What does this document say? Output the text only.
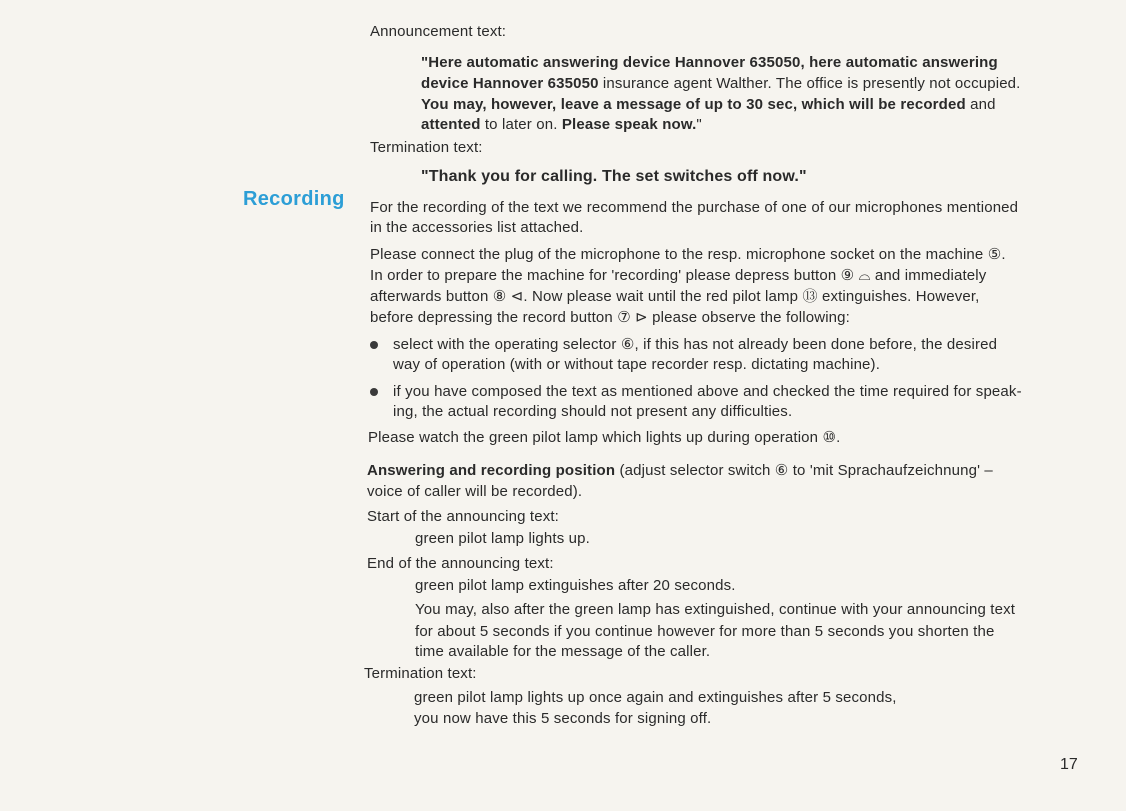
Announcement text:
"Here automatic answering device Hannover 635050, here automatic answering
device Hannover 635050 insurance agent Walther. The office is presently not occupied.
You may, however, leave a message of up to 30 sec, which will be recorded and
attented to later on. Please speak now."
Termination text:
"Thank you for calling. The set switches off now."
Recording For the recording of the text we recommend the purchase of one of our microphones mentioned
in the accessories list attached.
Please connect the plug of the microphone to the resp. microphone socket on the machine ⑤.
In order to prepare the machine for 'recording' please depress button ⑨ ⌓ and immediately
afterwards button ⑧ ⊲. Now please wait until the red pilot lamp ⑬ extinguishes. However,
before depressing the record button ⑦ ⊳ please observe the following:
select with the operating selector ⑥, if this has not already been done before, the desired
way of operation (with or without tape recorder resp. dictating machine).
if you have composed the text as mentioned above and checked the time required for speak-
ing, the actual recording should not present any difficulties.
Please watch the green pilot lamp which lights up during operation ⑩.
Answering and recording position (adjust selector switch ⑥ to 'mit Sprachaufzeichnung' –
voice of caller will be recorded).
Start of the announcing text:
green pilot lamp lights up.
End of the announcing text:
green pilot lamp extinguishes after 20 seconds.
You may, also after the green lamp has extinguished, continue with your announcing text
for about 5 seconds if you continue however for more than 5 seconds you shorten the
time available for the message of the caller.
Termination text:
green pilot lamp lights up once again and extinguishes after 5 seconds,
you now have this 5 seconds for signing off.
17
